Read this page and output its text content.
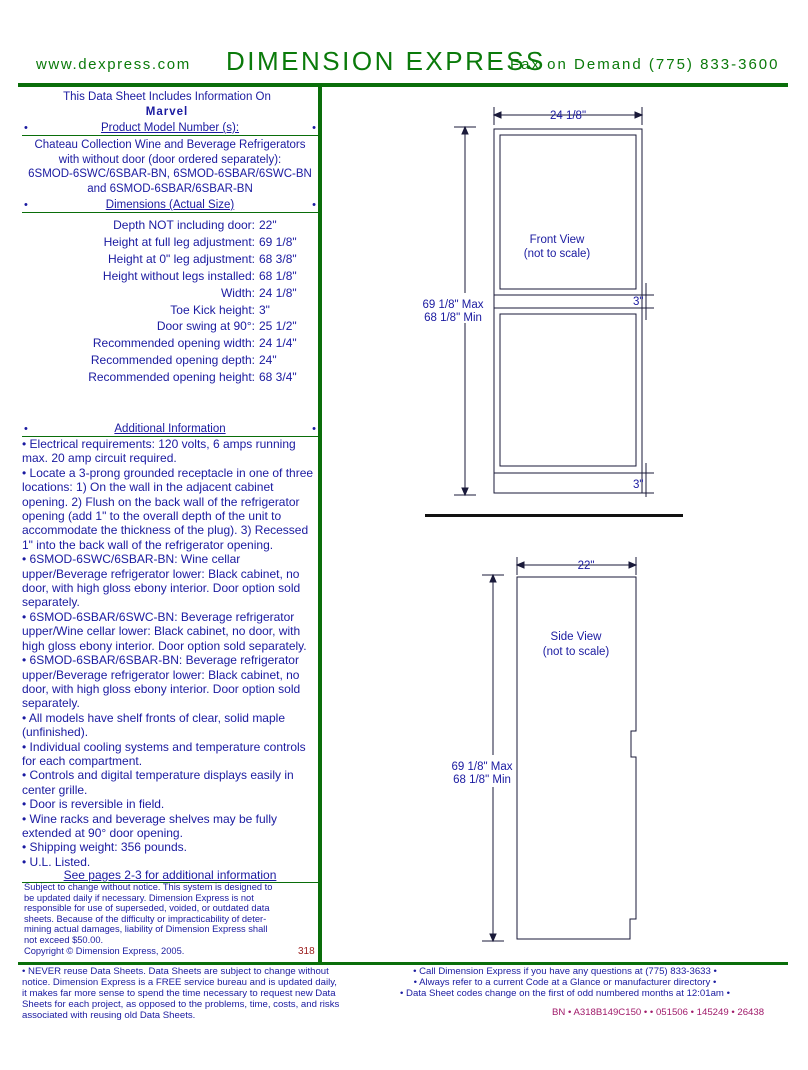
www.dexpress.com DIMENSION EXPRESS
Fax on Demand (775) 833-3600
This Data Sheet Includes Information On
Marvel
•	Product Model Number (s):	•
Chateau Collection Wine and Beverage Refrigerators
with without door (door ordered separately):
6SMOD-6SWC/6SBAR-BN, 6SMOD-6SBAR/6SWC-BN
and 6SMOD-6SBAR/6SBAR-BN
•	Dimensions (Actual Size)	•
Depth NOT including door: 22"
Height at full leg adjustment: 69 1/8"
Height at 0" leg adjustment: 68 3/8"
Height without legs installed: 68 1/8"
Width: 24 1/8"
Toe Kick height: 3"
Door swing at 90°: 25 1/2"
Recommended opening width: 24 1/4"
Recommended opening depth: 24"
Recommended opening height: 68 3/4"
•	Additional Information	•

• Electrical requirements: 120 volts, 6 amps running max. 20 amp circuit required.

• Locate a 3-prong grounded receptacle in one of three locations: 1) On the wall in the adjacent cabinet opening. 2) Flush on the back wall of the refrigerator opening (add 1" to the overall depth of the unit to accommodate the thickness of the plug). 3) Recessed 1" into the back wall of the refrigerator opening.

• 6SMOD-6SWC/6SBAR-BN: Wine cellar upper/Beverage refrigerator lower: Black cabinet, no door, with high gloss ebony interior. Door option sold separately.

• 6SMOD-6SBAR/6SWC-BN: Beverage refrigerator upper/Wine cellar lower: Black cabinet, no door, with high gloss ebony interior. Door option sold separately.

• 6SMOD-6SBAR/6SBAR-BN: Beverage refrigerator upper/Beverage refrigerator lower: Black cabinet, no door, with high gloss ebony interior. Door option sold separately.

• All models have shelf fronts of clear, solid maple (unfinished).

• Individual cooling systems and temperature controls for each compartment.

• Controls and digital temperature displays easily in center grille.

• Door is reversible in field.

• Wine racks and beverage shelves may be fully extended at 90° door opening.

• Shipping weight: 356 pounds.

• U.L. Listed.

See pages 2-3 for additional information
Subject to change without notice. This system is designed to
be updated daily if necessary. Dimension Express is not
responsible for use of superseded, voided, or outdated data
sheets. Because of the difficulty or impracticability of deter-
mining actual damages, liability of Dimension Express shall
not exceed $50.00.
Copyright © Dimension Express, 2005.	318
24 1/8"
Front View
(not to scale)
69 1/8" Max
68 1/8" Min
3"
3"
22"
Side View
(not to scale)
69 1/8" Max
68 1/8" Min
• NEVER reuse Data Sheets. Data Sheets are subject to change without
notice. Dimension Express is a FREE service bureau and is updated daily,
it makes far more sense to spend the time necessary to request new Data
Sheets for each project, as opposed to the problems, time, costs, and risks
associated with reusing old Data Sheets.
• Call Dimension Express if you have any questions at (775) 833-3633 •
• Always refer to a current Code at a Glance or manufacturer directory •
• Data Sheet codes change on the first of odd numbered months at 12:01am •
BN • A318B149C150 • • 051506 • 145249 • 26438
